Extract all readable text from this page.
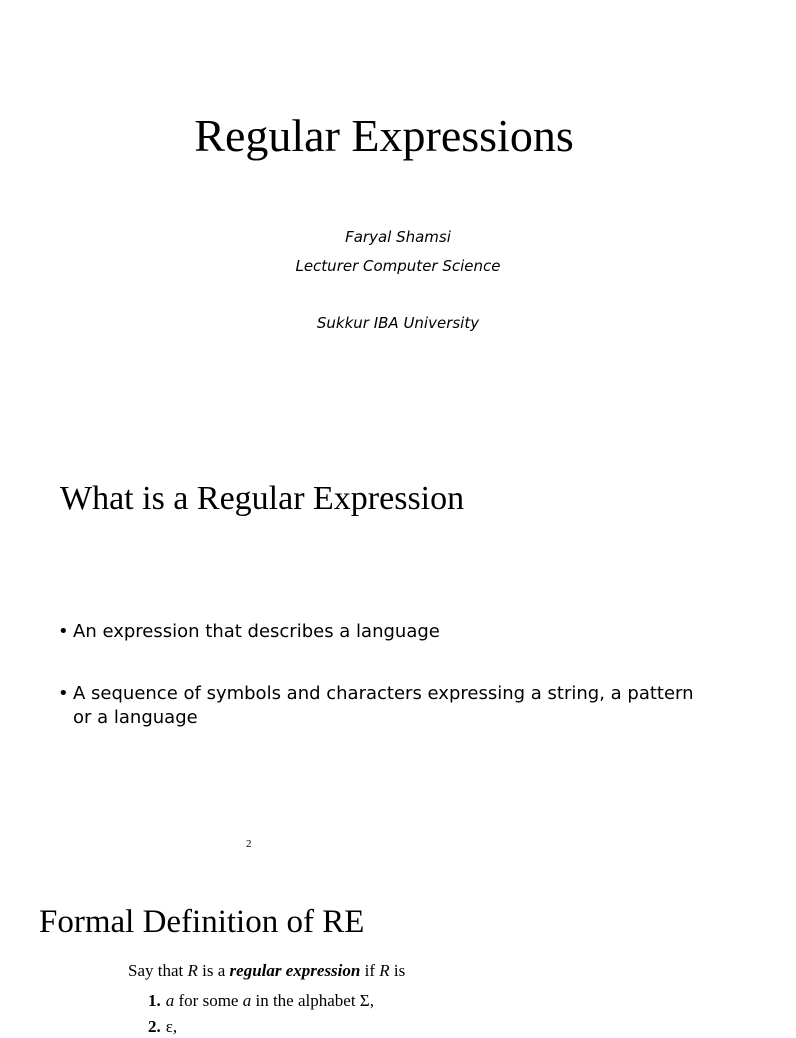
Regular Expressions
Faryal Shamsi
Lecturer Computer Science
Sukkur IBA University
What is a Regular Expression
• An expression that describes a language
• A sequence of symbols and characters expressing a string, a pattern or a language
2
Formal Definition of RE
Say that R is a regular expression if R is
1. a for some a in the alphabet Σ,
2. ε,
